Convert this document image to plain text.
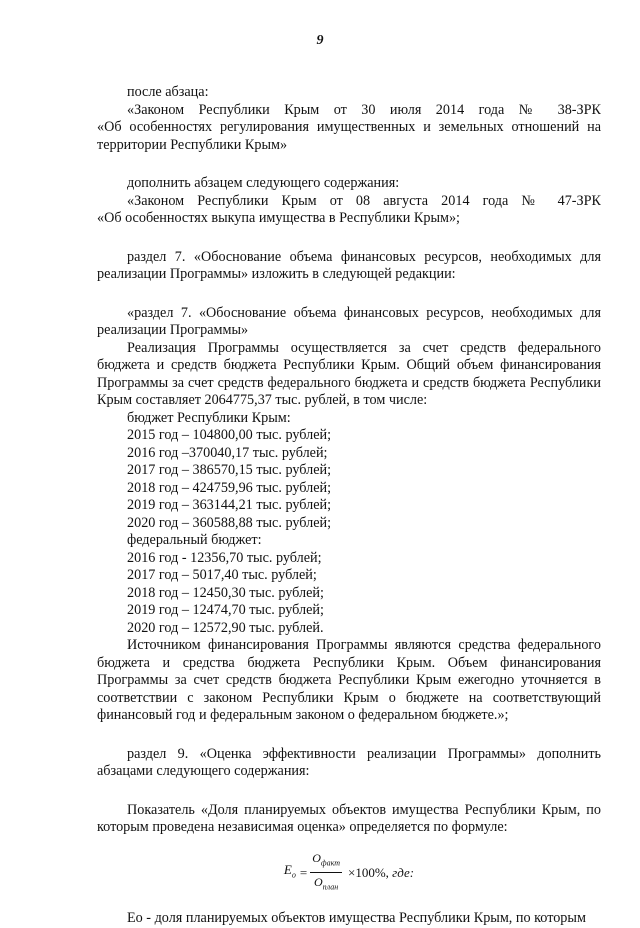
9

после абзаца:

«Законом Республики Крым от 30 июля 2014 года № 38-ЗРК

«Об особенностях регулирования имущественных и земельных отношений на территории Республики Крым»

дополнить абзацем следующего содержания:

«Законом Республики Крым от 08 августа 2014 года № 47-ЗРК

«Об особенностях выкупа имущества в Республики Крым»;

раздел 7. «Обоснование объема финансовых ресурсов, необходимых для реализации Программы» изложить в следующей редакции:

«раздел 7. «Обоснование объема финансовых ресурсов, необходимых для реализации Программы»

Реализация Программы осуществляется за счет средств федерального бюджета и средств бюджета Республики Крым. Общий объем финансирования Программы за счет средств федерального бюджета и средств бюджета Республики Крым составляет 2064775,37 тыс. рублей, в том числе:

бюджет Республики Крым:

2015 год – 104800,00 тыс. рублей;

2016 год –370040,17 тыс. рублей;

2017 год – 386570,15 тыс. рублей;

2018 год – 424759,96 тыс. рублей;

2019 год – 363144,21 тыс. рублей;

2020 год – 360588,88 тыс. рублей;

федеральный бюджет:

2016 год - 12356,70 тыс. рублей;

2017 год – 5017,40 тыс. рублей;

2018 год – 12450,30 тыс. рублей;

2019 год – 12474,70 тыс. рублей;

2020 год – 12572,90 тыс. рублей.

Источником финансирования Программы являются средства федерального бюджета и средства бюджета Республики Крым. Объем финансирования Программы за счет средств бюджета Республики Крым ежегодно уточняется в соответствии с законом Республики Крым о бюджете на соответствующий финансовый год и федеральным законом о федеральном бюджете.»;

раздел 9. «Оценка эффективности реализации Программы» дополнить абзацами следующего содержания:

Показатель «Доля планируемых объектов имущества Республики Крым, по которым проведена независимая оценка» определяется по формуле:

$E_o = \frac{O_{факт}}{O_{план}} \times 100\%$, где:

Ео - доля планируемых объектов имущества Республики Крым, по которым
